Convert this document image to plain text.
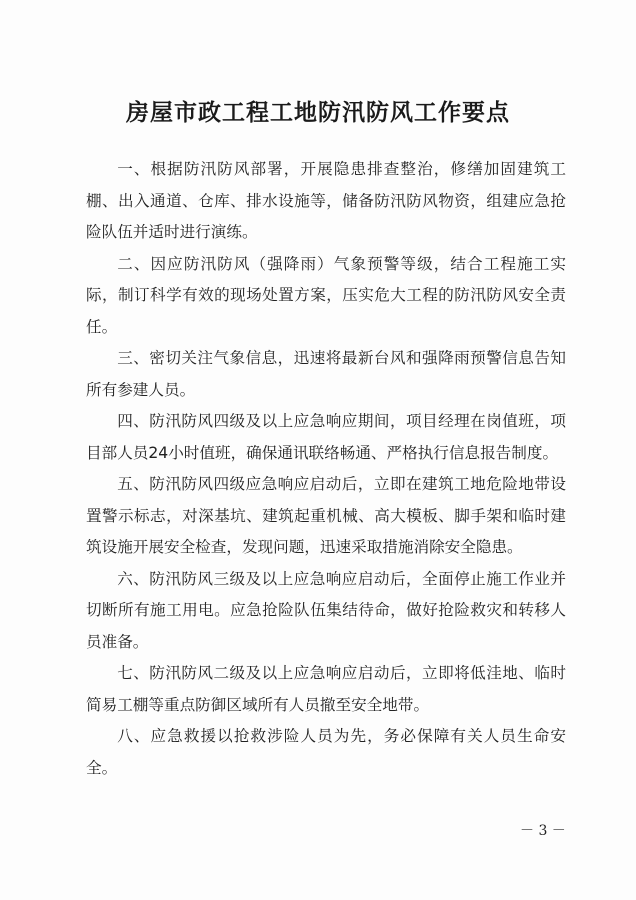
房屋市政工程工地防汛防风工作要点

一、根据防汛防风部署，开展隐患排查整治，修缮加固建筑工棚、出入通道、仓库、排水设施等，储备防汛防风物资，组建应急抢险队伍并适时进行演练。

二、因应防汛防风（强降雨）气象预警等级，结合工程施工实际，制订科学有效的现场处置方案，压实危大工程的防汛防风安全责任。

三、密切关注气象信息，迅速将最新台风和强降雨预警信息告知所有参建人员。

四、防汛防风四级及以上应急响应期间，项目经理在岗值班，项目部人员24小时值班，确保通讯联络畅通、严格执行信息报告制度。

五、防汛防风四级应急响应启动后，立即在建筑工地危险地带设置警示标志，对深基坑、建筑起重机械、高大模板、脚手架和临时建筑设施开展安全检查，发现问题，迅速采取措施消除安全隐患。

六、防汛防风三级及以上应急响应启动后，全面停止施工作业并切断所有施工用电。应急抢险队伍集结待命，做好抢险救灾和转移人员准备。

七、防汛防风二级及以上应急响应启动后，立即将低洼地、临时简易工棚等重点防御区域所有人员撤至安全地带。

八、应急救援以抢救涉险人员为先，务必保障有关人员生命安全。

－ 3 －
